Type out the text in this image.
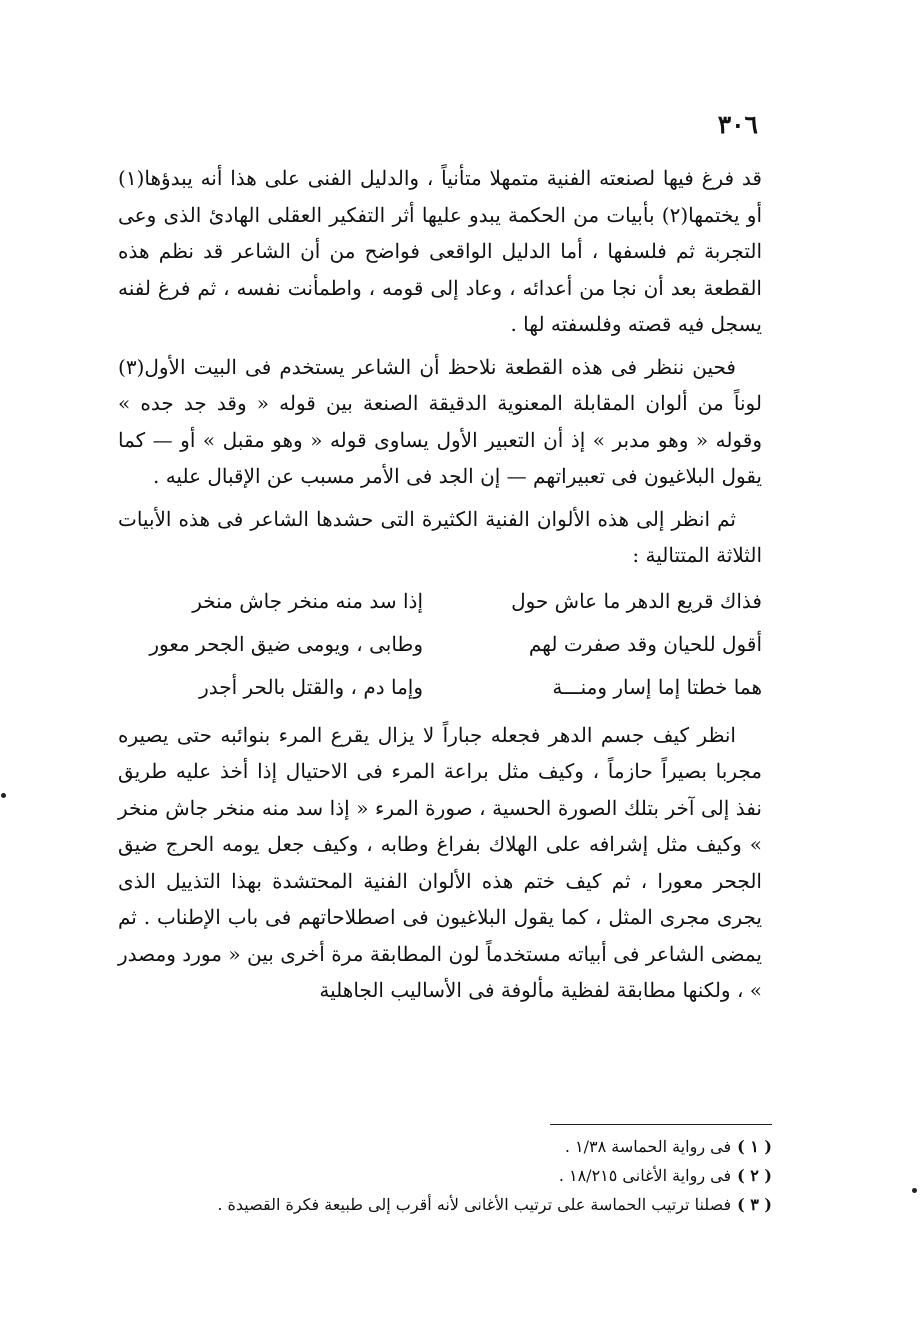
٣٠٦

قد فرغ فيها لصنعته الفنية متمهلا متأنياً ، والدليل الفنى على هذا أنه يبدؤها(١) أو يختمها(٢) بأبيات من الحكمة يبدو عليها أثر التفكير العقلى الهادئ الذى وعى التجربة ثم فلسفها ، أما الدليل الواقعى فواضح من أن الشاعر قد نظم هذه القطعة بعد أن نجا من أعدائه ، وعاد إلى قومه ، واطمأنت نفسه ، ثم فرغ لفنه يسجل فيه قصته وفلسفته لها .

فحين ننظر فى هذه القطعة نلاحظ أن الشاعر يستخدم فى البيت الأول(٣) لوناً من ألوان المقابلة المعنوية الدقيقة الصنعة بين قوله « وقد جد جده » وقوله « وهو مدبر » إذ أن التعبير الأول يساوى قوله « وهو مقبل » أو — كما يقول البلاغيون فى تعبيراتهم — إن الجد فى الأمر مسبب عن الإقبال عليه .

ثم انظر إلى هذه الألوان الفنية الكثيرة التى حشدها الشاعر فى هذه الأبيات الثلاثة المتتالية :

فذاك قريع الدهر ما عاش حول
إذا سد منه منخر جاش منخر
أقول للحيان وقد صفرت لهم
وطابى ، ويومى ضيق الجحر معور
هما خطتا إما إسار ومنـــة
وإما دم ، والقتل بالحر أجدر

انظر كيف جسم الدهر فجعله جباراً لا يزال يقرع المرء بنوائبه حتى يصيره مجربا بصيراً حازماً ، وكيف مثل براعة المرء فى الاحتيال إذا أخذ عليه طريق نفذ إلى آخر بتلك الصورة الحسية ، صورة المرء « إذا سد منه منخر جاش منخر » وكيف مثل إشرافه على الهلاك بفراغ وطابه ، وكيف جعل يومه الحرج ضيق الجحر معورا ، ثم كيف ختم هذه الألوان الفنية المحتشدة بهذا التذييل الذى يجرى مجرى المثل ، كما يقول البلاغيون فى اصطلاحاتهم فى باب الإطناب . ثم يمضى الشاعر فى أبياته مستخدماً لون المطابقة مرة أخرى بين « مورد ومصدر » ، ولكنها مطابقة لفظية مألوفة فى الأساليب الجاهلية

( ١ )فى رواية الحماسة ١/٣٨ .
( ٢ )فى رواية الأغانى ١٨/٢١٥ .
( ٣ )فصلنا ترتيب الحماسة على ترتيب الأغانى لأنه أقرب إلى طبيعة فكرة القصيدة .
